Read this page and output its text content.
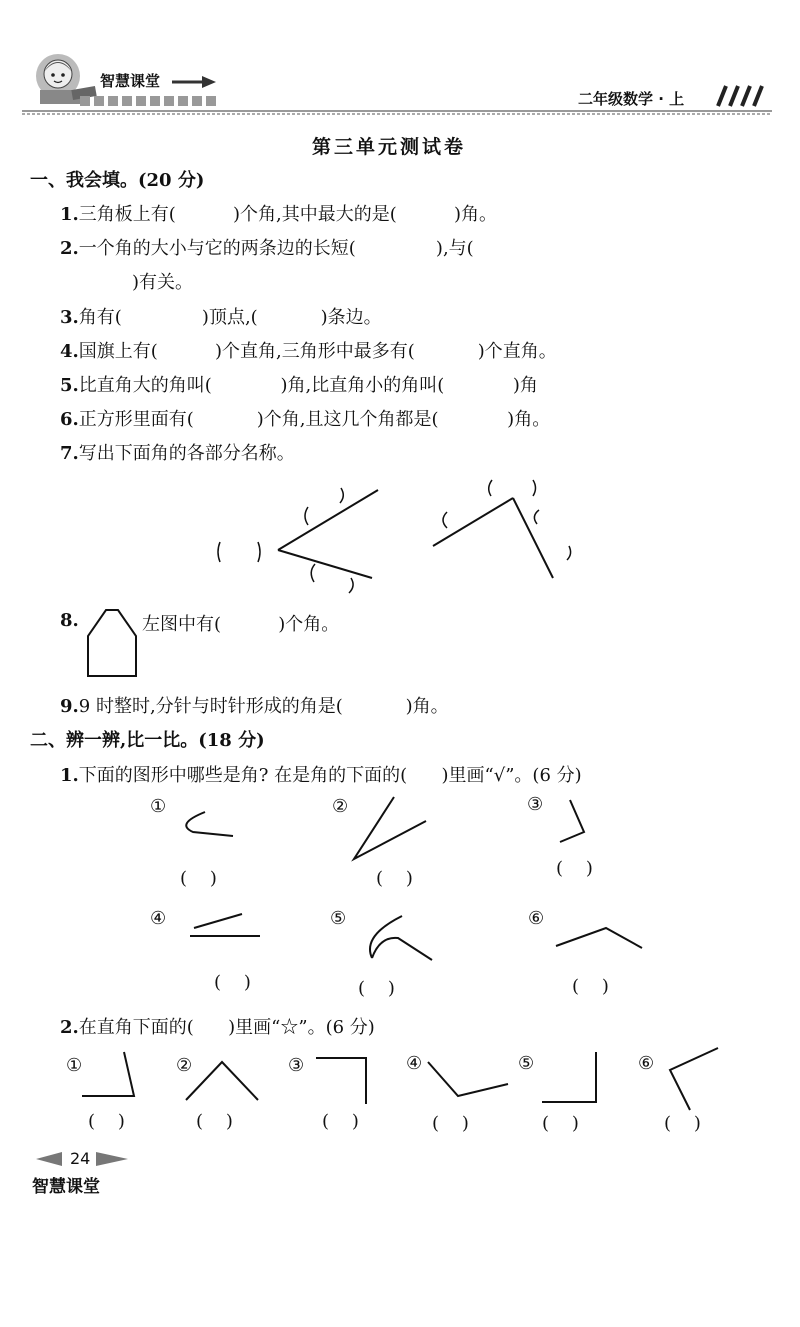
智慧课堂
二年级数学 · 上
第三单元测试卷
一、我会填。(20 分)
1.三角板上有(          )个角,其中最大的是(          )角。
2.一个角的大小与它的两条边的长短(              ),与(
)有关。
3.角有(              )顶点,(           )条边。
4.国旗上有(          )个直角,三角形中最多有(           )个直角。
5.比直角大的角叫(            )角,比直角小的角叫(            )角
6.正方形里面有(           )个角,且这几个角都是(            )角。
7.写出下面角的各部分名称。
8.	左图中有(          )个角。
9.9 时整时,分针与时针形成的角是(           )角。
二、辨一辨,比一比。(18 分)
1.下面的图形中哪些是角? 在是角的下面的(      )里画“√”。(6 分)
①
(    )
②
(    )
③
(    )
④
(    )
⑤
(    )
⑥
(    )
2.在直角下面的(      )里画“☆”。(6 分)
①
(    )
②
(    )
③
(    )
④
(    )
⑤
(    )
⑥
(    )
24
智慧课堂
